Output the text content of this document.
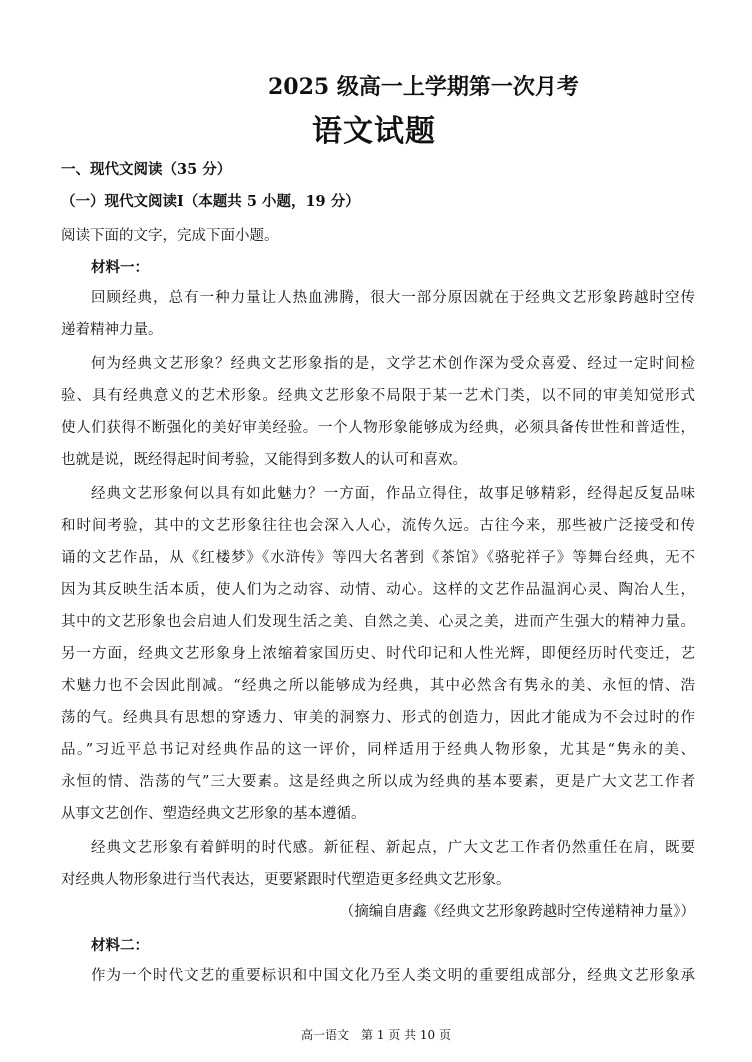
2025 级高一上学期第一次月考
语文试题
一、现代文阅读（35 分）
（一）现代文阅读Ⅰ（本题共 5 小题，19 分）
阅读下面的文字，完成下面小题。
材料一：
回顾经典，总有一种力量让人热血沸腾，很大一部分原因就在于经典文艺形象跨越时空传
递着精神力量。
何为经典文艺形象？经典文艺形象指的是，文学艺术创作深为受众喜爱、经过一定时间检
验、具有经典意义的艺术形象。经典文艺形象不局限于某一艺术门类，以不同的审美知觉形式
使人们获得不断强化的美好审美经验。一个人物形象能够成为经典，必须具备传世性和普适性，
也就是说，既经得起时间考验，又能得到多数人的认可和喜欢。
经典文艺形象何以具有如此魅力？一方面，作品立得住，故事足够精彩，经得起反复品味
和时间考验，其中的文艺形象往往也会深入人心，流传久远。古往今来，那些被广泛接受和传
诵的文艺作品，从《红楼梦》《水浒传》等四大名著到《茶馆》《骆驼祥子》等舞台经典，无不
因为其反映生活本质，使人们为之动容、动情、动心。这样的文艺作品温润心灵、陶冶人生，
其中的文艺形象也会启迪人们发现生活之美、自然之美、心灵之美，进而产生强大的精神力量。
另一方面，经典文艺形象身上浓缩着家国历史、时代印记和人性光辉，即便经历时代变迁，艺
术魅力也不会因此削减。“经典之所以能够成为经典，其中必然含有隽永的美、永恒的情、浩
荡的气。经典具有思想的穿透力、审美的洞察力、形式的创造力，因此才能成为不会过时的作
品。”习近平总书记对经典作品的这一评价，同样适用于经典人物形象，尤其是“隽永的美、
永恒的情、浩荡的气”三大要素。这是经典之所以成为经典的基本要素，更是广大文艺工作者
从事文艺创作、塑造经典文艺形象的基本遵循。
经典文艺形象有着鲜明的时代感。新征程、新起点，广大文艺工作者仍然重任在肩，既要
对经典人物形象进行当代表达，更要紧跟时代塑造更多经典文艺形象。
（摘编自唐鑫《经典文艺形象跨越时空传递精神力量》）
材料二：
作为一个时代文艺的重要标识和中国文化乃至人类文明的重要组成部分，经典文艺形象承
高一语文　第 1 页 共 10 页
